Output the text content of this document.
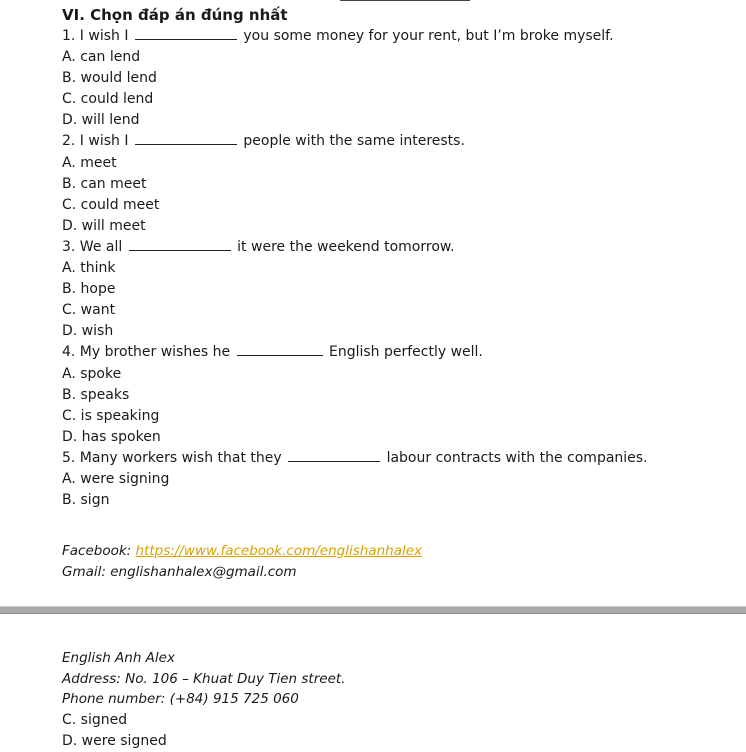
VI. Chọn đáp án đúng nhất
1. I wish I	you some money for your rent, but I’m broke myself.
A. can lend
B. would lend
C. could lend
D. will lend
2. I wish I	people with the same interests.
A. meet
B. can meet
C. could meet
D. will meet
3. We all	it were the weekend tomorrow.
A. think
B. hope
C. want
D. wish
4. My brother wishes he	English perfectly well.
A. spoke
B. speaks
C. is speaking
D. has spoken
5. Many workers wish that they	labour contracts with the companies.
A. were signing
B. sign
Facebook: https://www.facebook.com/englishanhalex
Gmail: englishanhalex@gmail.com
English Anh Alex
Address: No. 106 – Khuat Duy Tien street.
Phone number: (+84) 915 725 060
C. signed
D. were signed
